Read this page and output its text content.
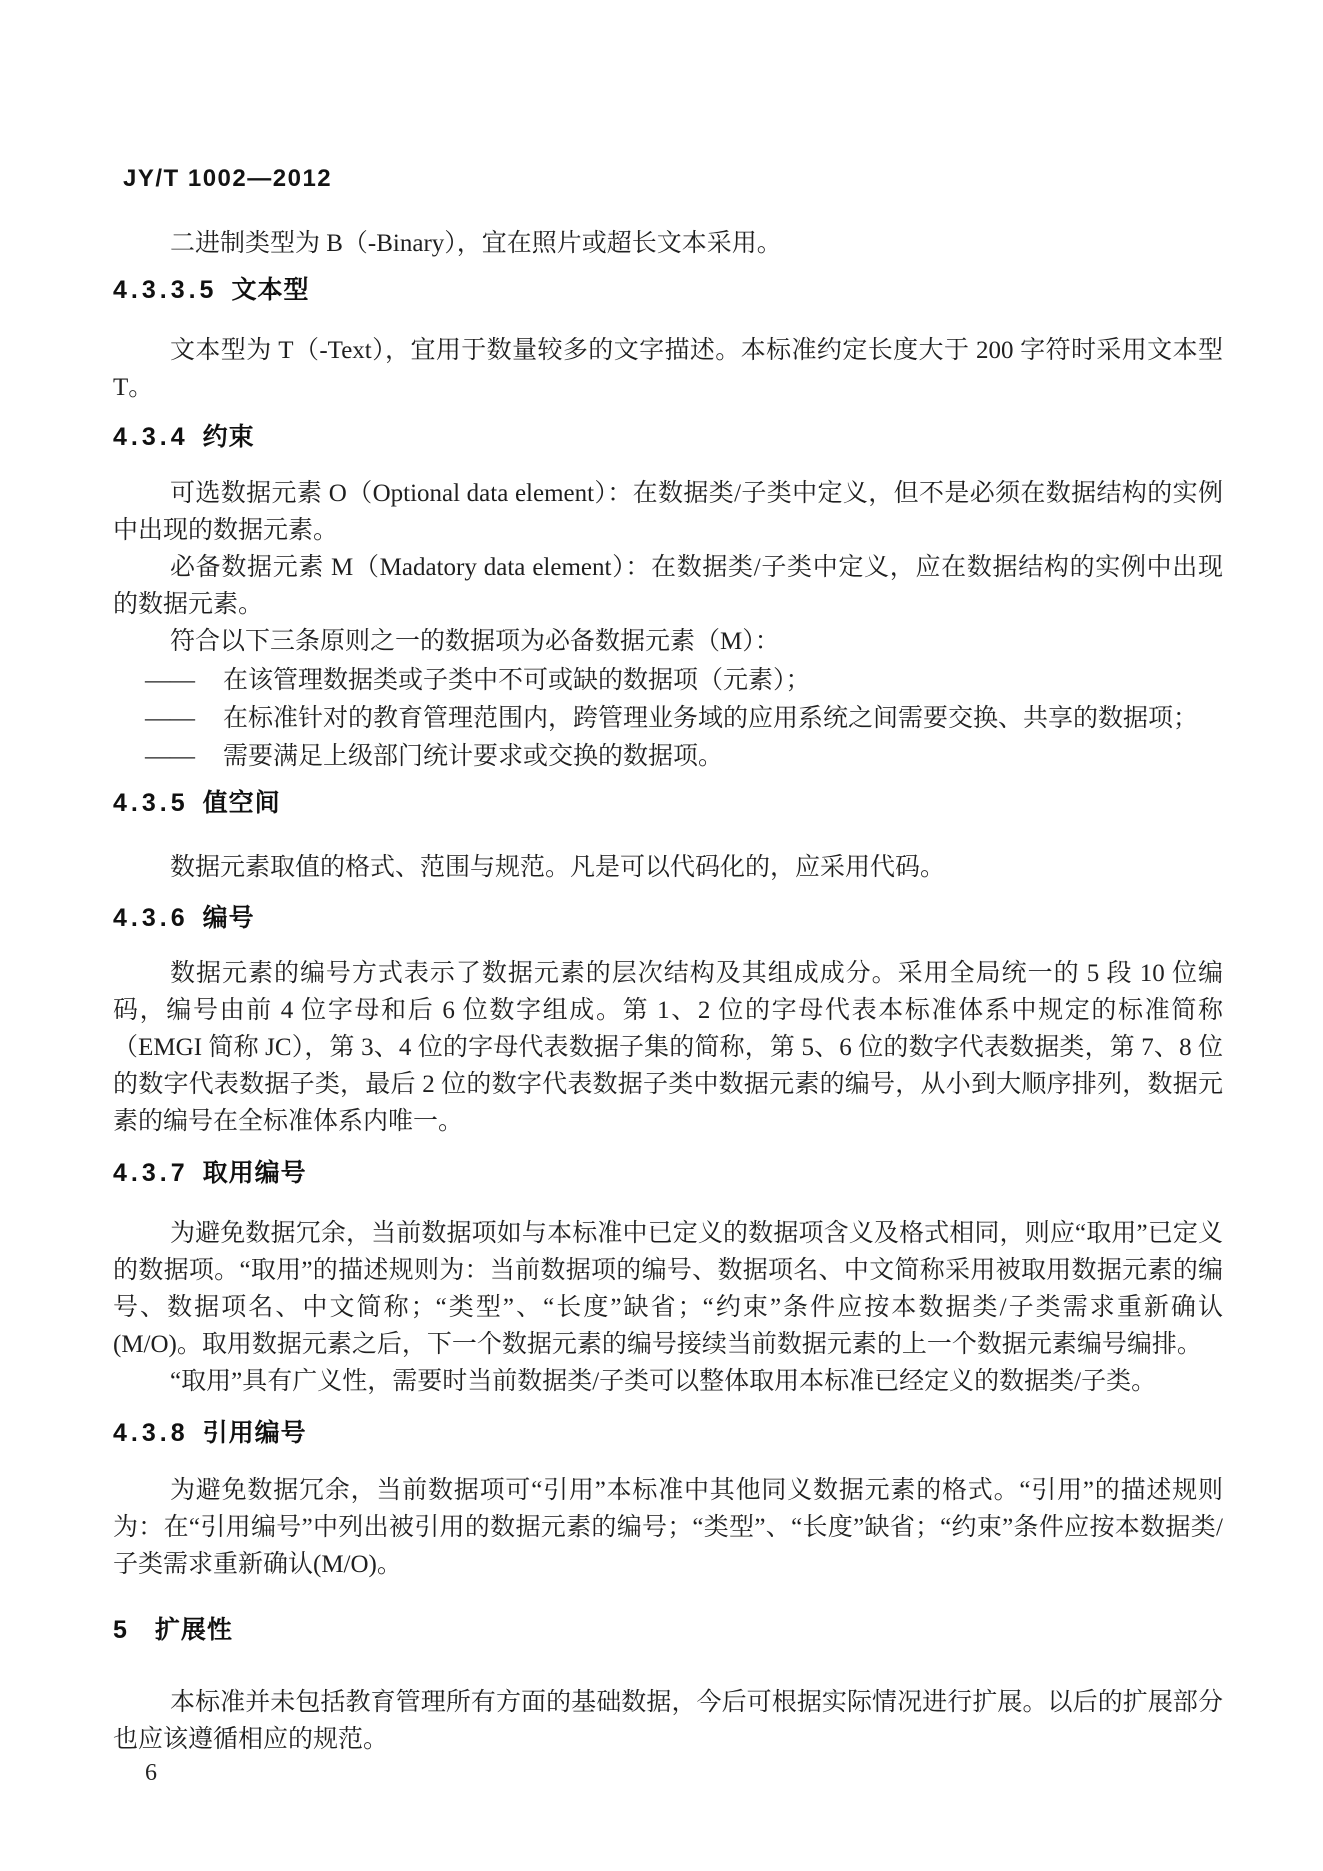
JY/T 1002—2012

二进制类型为 B（-Binary），宜在照片或超长文本采用。

4.3.3.5 文本型

文本型为 T（-Text），宜用于数量较多的文字描述。本标准约定长度大于 200 字符时采用文本型 T。

4.3.4 约束

可选数据元素 O（Optional data element）：在数据类/子类中定义，但不是必须在数据结构的实例中出现的数据元素。

必备数据元素 M（Madatory data element）：在数据类/子类中定义，应在数据结构的实例中出现的数据元素。

符合以下三条原则之一的数据项为必备数据元素（M）：

—— 在该管理数据类或子类中不可或缺的数据项（元素）；
—— 在标准针对的教育管理范围内，跨管理业务域的应用系统之间需要交换、共享的数据项；
—— 需要满足上级部门统计要求或交换的数据项。
4.3.5 值空间

数据元素取值的格式、范围与规范。凡是可以代码化的，应采用代码。

4.3.6 编号

数据元素的编号方式表示了数据元素的层次结构及其组成成分。采用全局统一的 5 段 10 位编码，编号由前 4 位字母和后 6 位数字组成。第 1、2 位的字母代表本标准体系中规定的标准简称（EMGI 简称 JC），第 3、4 位的字母代表数据子集的简称，第 5、6 位的数字代表数据类，第 7、8 位的数字代表数据子类，最后 2 位的数字代表数据子类中数据元素的编号，从小到大顺序排列，数据元素的编号在全标准体系内唯一。

4.3.7 取用编号

为避免数据冗余，当前数据项如与本标准中已定义的数据项含义及格式相同，则应“取用”已定义的数据项。“取用”的描述规则为：当前数据项的编号、数据项名、中文简称采用被取用数据元素的编号、数据项名、中文简称；“类型”、“长度”缺省；“约束”条件应按本数据类/子类需求重新确认(M/O)。取用数据元素之后，下一个数据元素的编号接续当前数据元素的上一个数据元素编号编排。

“取用”具有广义性，需要时当前数据类/子类可以整体取用本标准已经定义的数据类/子类。

4.3.8 引用编号

为避免数据冗余，当前数据项可“引用”本标准中其他同义数据元素的格式。“引用”的描述规则为：在“引用编号”中列出被引用的数据元素的编号；“类型”、“长度”缺省；“约束”条件应按本数据类/子类需求重新确认(M/O)。

5 扩展性

本标准并未包括教育管理所有方面的基础数据，今后可根据实际情况进行扩展。以后的扩展部分也应该遵循相应的规范。

6
